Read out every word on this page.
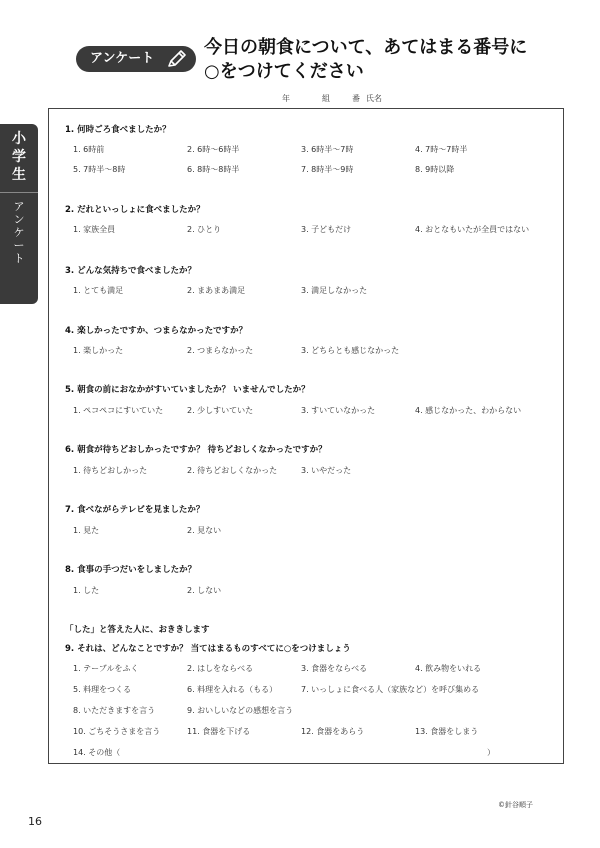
アンケート
今日の朝食について、あてはまる番号に
○をつけてください
年	組	番 氏名
小
学
生
ア
ン
ケ
ー
ト
1. 何時ごろ食べましたか？
1. 6時前	2. 6時〜6時半	3. 6時半〜7時	4. 7時〜7時半
5. 7時半〜8時	6. 8時〜8時半	7. 8時半〜9時	8. 9時以降
2. だれといっしょに食べましたか？
1. 家族全員	2. ひとり	3. 子どもだけ	4. おとなもいたが全員ではない
3. どんな気持ちで食べましたか？
1. とても満足	2. まあまあ満足	3. 満足しなかった
4. 楽しかったですか、つまらなかったですか？
1. 楽しかった	2. つまらなかった	3. どちらとも感じなかった
5. 朝食の前におなかがすいていましたか？ いませんでしたか？
1. ペコペコにすいていた	2. 少しすいていた	3. すいていなかった	4. 感じなかった、わからない
6. 朝食が待ちどおしかったですか？ 待ちどおしくなかったですか？
1. 待ちどおしかった	2. 待ちどおしくなかった	3. いやだった
7. 食べながらテレビを見ましたか？
1. 見た	2. 見ない
8. 食事の手つだいをしましたか？
1. した	2. しない
「した」と答えた人に、おききします
9. それは、どんなことですか？ 当てはまるものすべてに○をつけましょう
1. テーブルをふく	2. はしをならべる	3. 食器をならべる	4. 飲み物をいれる
5. 料理をつくる	6. 料理を入れる（もる）	7. いっしょに食べる人（家族など）を呼び集める
8. いただきますを言う	9. おいしいなどの感想を言う
10. ごちそうさまを言う	11. 食器を下げる	12. 食器をあらう	13. 食器をしまう
14. その他（	）
©針谷順子
16
